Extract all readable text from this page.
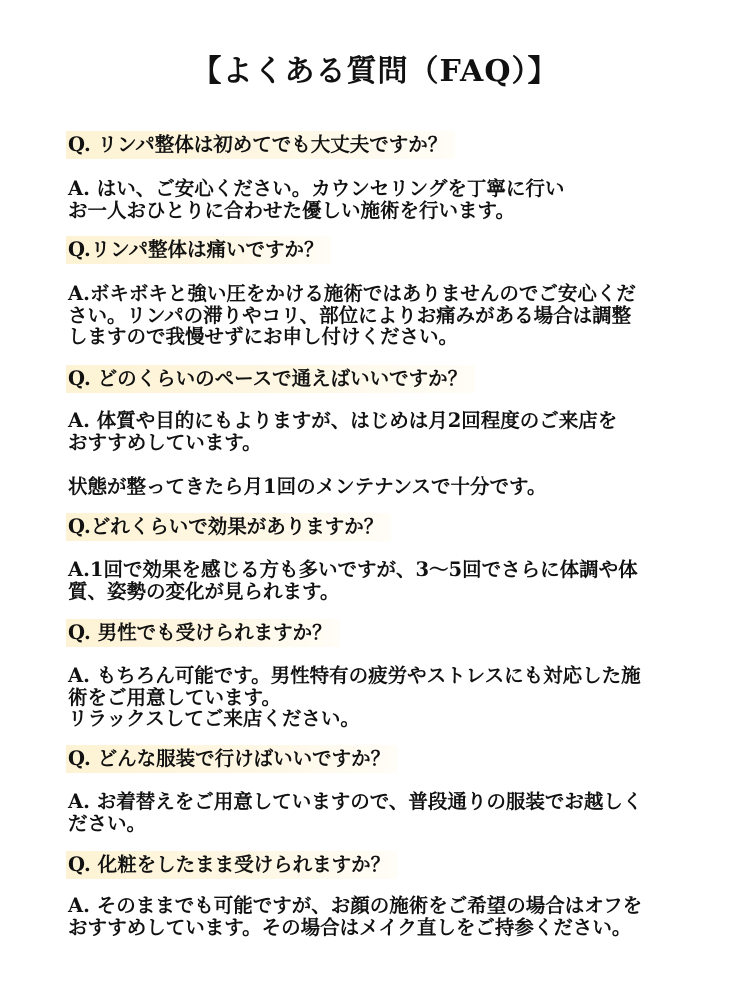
【よくある質問（FAQ）】
Q. リンパ整体は初めてでも大丈夫ですか？
A. はい、ご安心ください。カウンセリングを丁寧に行い
お一人おひとりに合わせた優しい施術を行います。
Q.リンパ整体は痛いですか？
A.ボキボキと強い圧をかける施術ではありませんのでご安心くだ
さい。リンパの滞りやコリ、部位によりお痛みがある場合は調整
しますので我慢せずにお申し付けください。
Q. どのくらいのペースで通えばいいですか？
A. 体質や目的にもよりますが、はじめは月2回程度のご来店を
おすすめしています。
状態が整ってきたら月1回のメンテナンスで十分です。
Q.どれくらいで効果がありますか？
A.1回で効果を感じる方も多いですが、3〜5回でさらに体調や体
質、姿勢の変化が見られます。
Q. 男性でも受けられますか？
A. もちろん可能です。男性特有の疲労やストレスにも対応した施
術をご用意しています。
リラックスしてご来店ください。
Q. どんな服装で行けばいいですか？
A. お着替えをご用意していますので、普段通りの服装でお越しく
ださい。
Q. 化粧をしたまま受けられますか？
A. そのままでも可能ですが、お顔の施術をご希望の場合はオフを
おすすめしています。その場合はメイク直しをご持参ください。
